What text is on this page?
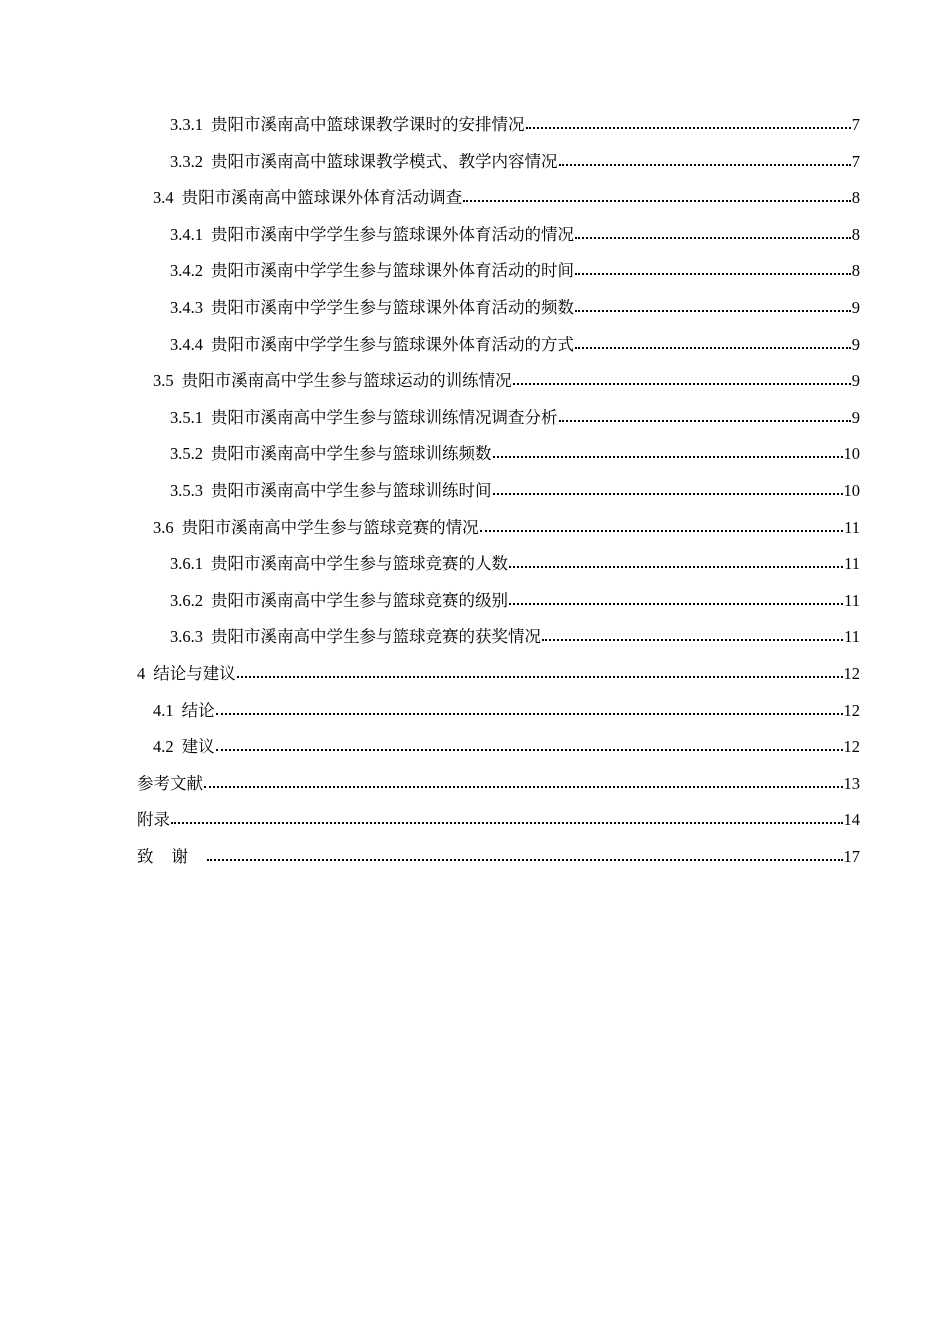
3.3.1 贵阳市溪南高中篮球课教学课时的安排情况	7
3.3.2 贵阳市溪南高中篮球课教学模式、教学内容情况	7
3.4 贵阳市溪南高中篮球课外体育活动调查	8
3.4.1 贵阳市溪南中学学生参与篮球课外体育活动的情况	8
3.4.2 贵阳市溪南中学学生参与篮球课外体育活动的时间	8
3.4.3 贵阳市溪南中学学生参与篮球课外体育活动的频数	9
3.4.4 贵阳市溪南中学学生参与篮球课外体育活动的方式	9
3.5 贵阳市溪南高中学生参与篮球运动的训练情况	9
3.5.1 贵阳市溪南高中学生参与篮球训练情况调查分析	9
3.5.2 贵阳市溪南高中学生参与篮球训练频数	10
3.5.3 贵阳市溪南高中学生参与篮球训练时间	10
3.6 贵阳市溪南高中学生参与篮球竞赛的情况	11
3.6.1 贵阳市溪南高中学生参与篮球竞赛的人数	11
3.6.2 贵阳市溪南高中学生参与篮球竞赛的级别	11
3.6.3 贵阳市溪南高中学生参与篮球竞赛的获奖情况	11
4 结论与建议	12
4.1 结论	12
4.2 建议	12
参考文献	13
附录	14
致谢	17
